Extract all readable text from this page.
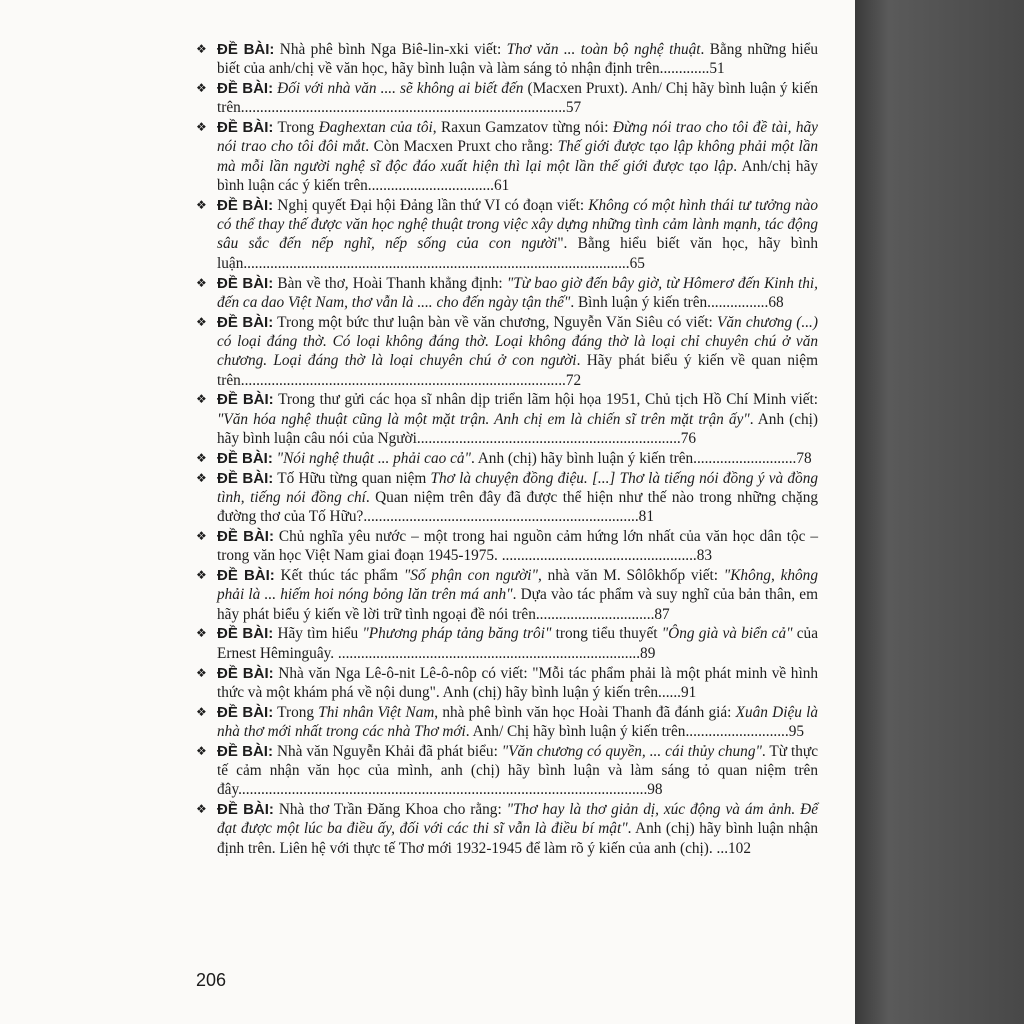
❖ ĐỀ BÀI: Nhà phê bình Nga Biê-lin-xki viết: Thơ văn ... toàn bộ nghệ thuật. Bằng những hiểu biết của anh/chị về văn học, hãy bình luận và làm sáng tỏ nhận định trên.............51
❖ ĐỀ BÀI: Đối với nhà văn .... sẽ không ai biết đến (Macxen Pruxt). Anh/ Chị hãy bình luận ý kiến trên.....................................................................................57
❖ ĐỀ BÀI: Trong Đaghextan của tôi, Raxun Gamzatov từng nói: Đừng nói trao cho tôi đề tài, hãy nói trao cho tôi đôi mắt. Còn Macxen Pruxt cho rằng: Thế giới được tạo lập không phải một lần mà mỗi lần người nghệ sĩ độc đáo xuất hiện thì lại một lần thế giới được tạo lập. Anh/chị hãy bình luận các ý kiến trên.................................61
❖ ĐỀ BÀI: Nghị quyết Đại hội Đảng lần thứ VI có đoạn viết: Không có một hình thái tư tưởng nào có thể thay thế được văn học nghệ thuật trong việc xây dựng những tình cảm lành mạnh, tác động sâu sắc đến nếp nghĩ, nếp sống của con người". Bằng hiểu biết văn học, hãy bình luận.....................................................................................................65
❖ ĐỀ BÀI: Bàn về thơ, Hoài Thanh khẳng định: "Từ bao giờ đến bây giờ, từ Hômerơ đến Kinh thi, đến ca dao Việt Nam, thơ vẫn là .... cho đến ngày tận thế". Bình luận ý kiến trên................68
❖ ĐỀ BÀI: Trong một bức thư luận bàn về văn chương, Nguyễn Văn Siêu có viết: Văn chương (...) có loại đáng thờ. Có loại không đáng thờ. Loại không đáng thờ là loại chỉ chuyên chú ở văn chương. Loại đáng thờ là loại chuyên chú ở con người. Hãy phát biểu ý kiến về quan niệm trên.....................................................................................72
❖ ĐỀ BÀI: Trong thư gửi các họa sĩ nhân dịp triển lãm hội họa 1951, Chủ tịch Hồ Chí Minh viết: "Văn hóa nghệ thuật cũng là một mặt trận. Anh chị em là chiến sĩ trên mặt trận ấy". Anh (chị) hãy bình luận câu nói của Người.....................................................................76
❖ ĐỀ BÀI: "Nói nghệ thuật ... phải cao cả". Anh (chị) hãy bình luận ý kiến trên...........................78
❖ ĐỀ BÀI: Tố Hữu từng quan niệm Thơ là chuyện đồng điệu. [...] Thơ là tiếng nói đồng ý và đồng tình, tiếng nói đồng chí. Quan niệm trên đây đã được thể hiện như thế nào trong những chặng đường thơ của Tố Hữu?........................................................................81
❖ ĐỀ BÀI: Chủ nghĩa yêu nước – một trong hai nguồn cảm hứng lớn nhất của văn học dân tộc – trong văn học Việt Nam giai đoạn 1945-1975. ...................................................83
❖ ĐỀ BÀI: Kết thúc tác phẩm "Số phận con người", nhà văn M. Sôlôkhốp viết: "Không, không phải là ... hiếm hoi nóng bỏng lăn trên má anh". Dựa vào tác phẩm và suy nghĩ của bản thân, em hãy phát biểu ý kiến về lời trữ tình ngoại đề nói trên...............................87
❖ ĐỀ BÀI: Hãy tìm hiểu "Phương pháp tảng băng trôi" trong tiểu thuyết "Ông già và biển cả" của Ernest Hêminguây. ...............................................................................89
❖ ĐỀ BÀI: Nhà văn Nga Lê-ô-nit Lê-ô-nôp có viết: "Mỗi tác phẩm phải là một phát minh về hình thức và một khám phá về nội dung". Anh (chị) hãy bình luận ý kiến trên......91
❖ ĐỀ BÀI: Trong Thi nhân Việt Nam, nhà phê bình văn học Hoài Thanh đã đánh giá: Xuân Diệu là nhà thơ mới nhất trong các nhà Thơ mới. Anh/ Chị hãy bình luận ý kiến trên...........................95
❖ ĐỀ BÀI: Nhà văn Nguyễn Khải đã phát biểu: "Văn chương có quyền, ... cái thủy chung". Từ thực tế cảm nhận văn học của mình, anh (chị) hãy bình luận và làm sáng tỏ quan niệm trên đây...........................................................................................................98
❖ ĐỀ BÀI: Nhà thơ Trần Đăng Khoa cho rằng: "Thơ hay là thơ giản dị, xúc động và ám ảnh. Để đạt được một lúc ba điều ấy, đối với các thi sĩ vẫn là điều bí mật". Anh (chị) hãy bình luận nhận định trên. Liên hệ với thực tế Thơ mới 1932-1945 để làm rõ ý kiến của anh (chị). ...102
206
